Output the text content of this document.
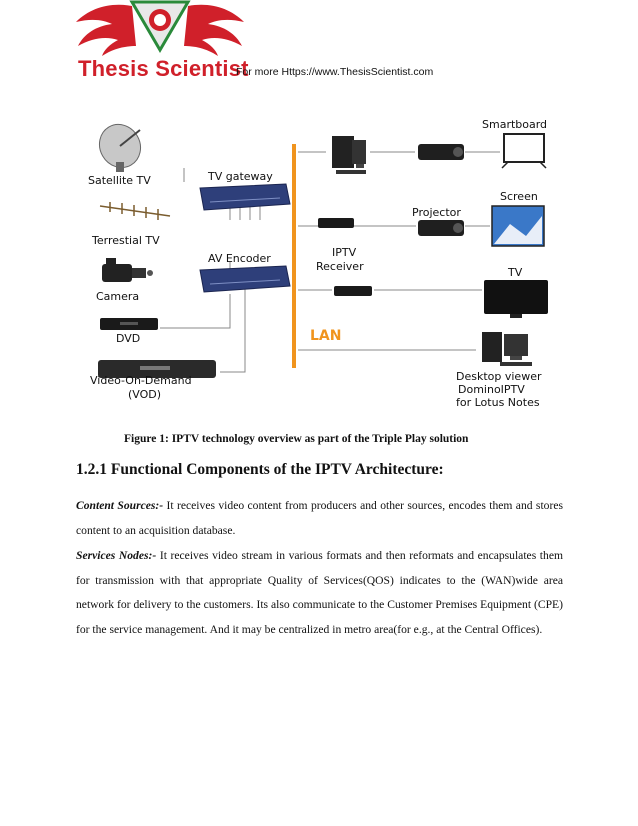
Thesis Scientist
For more Https://www.ThesisScientist.com
LAN
Satellite TV
Terrestial TV
Camera
DVD
Video-On-Demand
(VOD)
TV gateway
AV Encoder
Smartboard
IPTV
Receiver
Projector
Screen
TV
Desktop viewer
DominoIPTV
for Lotus Notes
Figure 1: IPTV technology overview as part of the Triple Play solution
1.2.1 Functional Components of the IPTV Architecture:

Content Sources:- It receives video content from producers and other sources, encodes them and stores content to an acquisition database.

Services Nodes:- It receives video stream in various formats and then reformats and encapsulates them for transmission with that appropriate Quality of Services(QOS) indicates to the (WAN)wide area network for delivery to the customers. Its also communicate to the Customer Premises Equipment (CPE) for the service management. And it may be centralized in metro area(for e.g., at the Central Offices).
